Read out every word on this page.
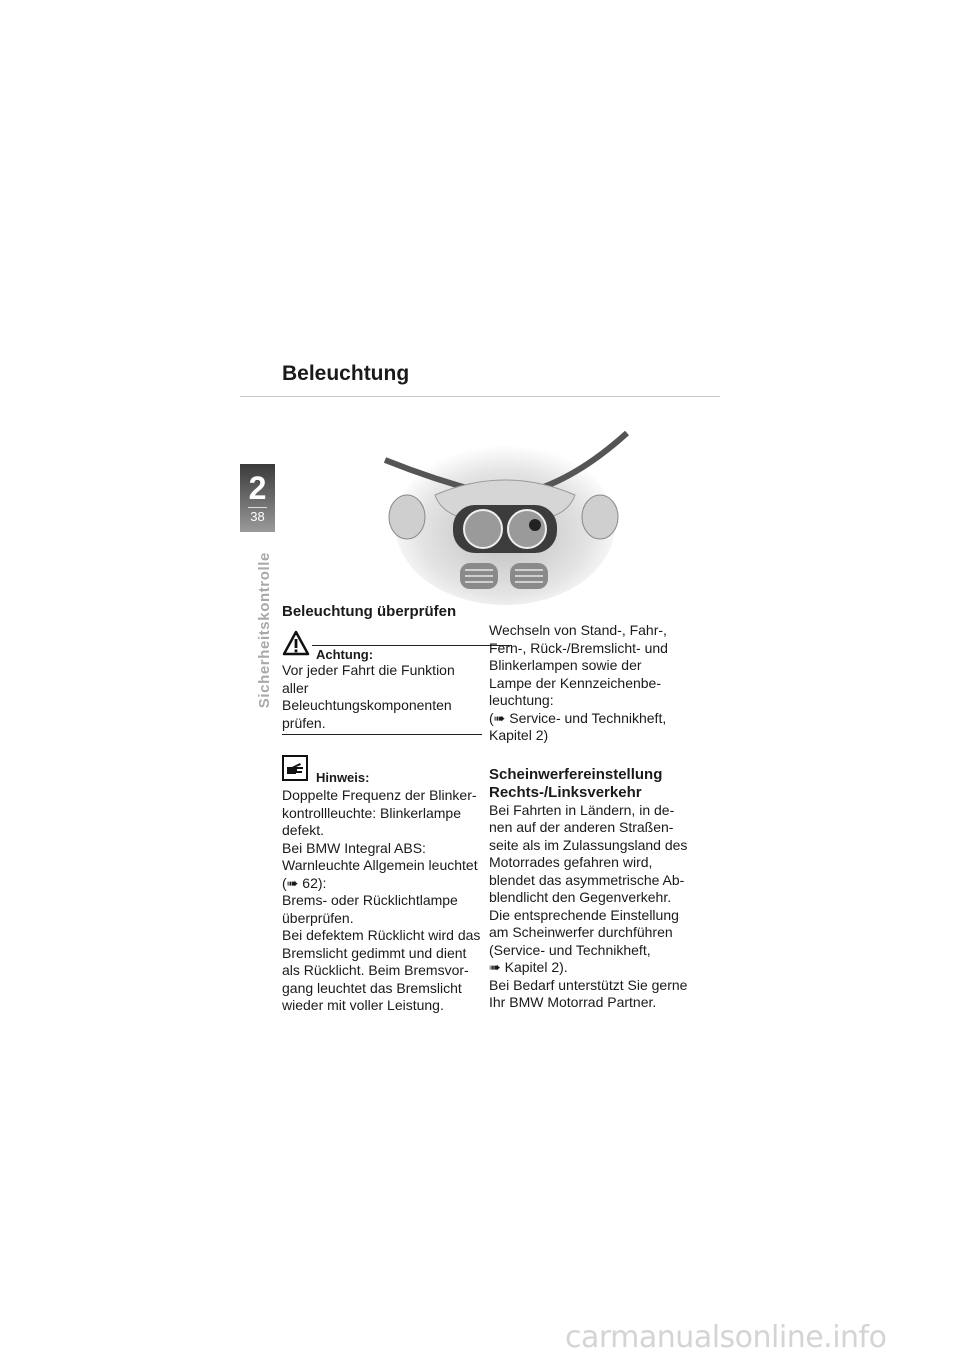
Beleuchtung
2
38
Sicherheitskontrolle Beleuchtung überprüfen
Achtung:

Vor jeder Fahrt die Funktion aller

Beleuchtungskomponenten

prüfen.

Hinweis:

Doppelte Frequenz der Blinker-

kontrollleuchte: Blinkerlampe

defekt.

Bei BMW Integral ABS:

Warnleuchte Allgemein leuchtet

(➠ 62):

Brems- oder Rücklichtlampe

überprüfen.

Bei defektem Rücklicht wird das

Bremslicht gedimmt und dient

als Rücklicht. Beim Bremsvor-

gang leuchtet das Bremslicht

wieder mit voller Leistung.

Wechseln von Stand-, Fahr-,

Fern-, Rück-/Bremslicht- und

Blinkerlampen sowie der

Lampe der Kennzeichenbe-

leuchtung:

(➠ Service- und Technikheft,

Kapitel 2)

Scheinwerfereinstellung
Rechts-/Linksverkehr

Bei Fahrten in Ländern, in de-

nen auf der anderen Straßen-

seite als im Zulassungsland des

Motorrades gefahren wird,

blendet das asymmetrische Ab-

blendlicht den Gegenverkehr.

Die entsprechende Einstellung

am Scheinwerfer durchführen

(Service- und Technikheft,

➠ Kapitel 2).

Bei Bedarf unterstützt Sie gerne

Ihr BMW Motorrad Partner.

carmanualsonline.info
